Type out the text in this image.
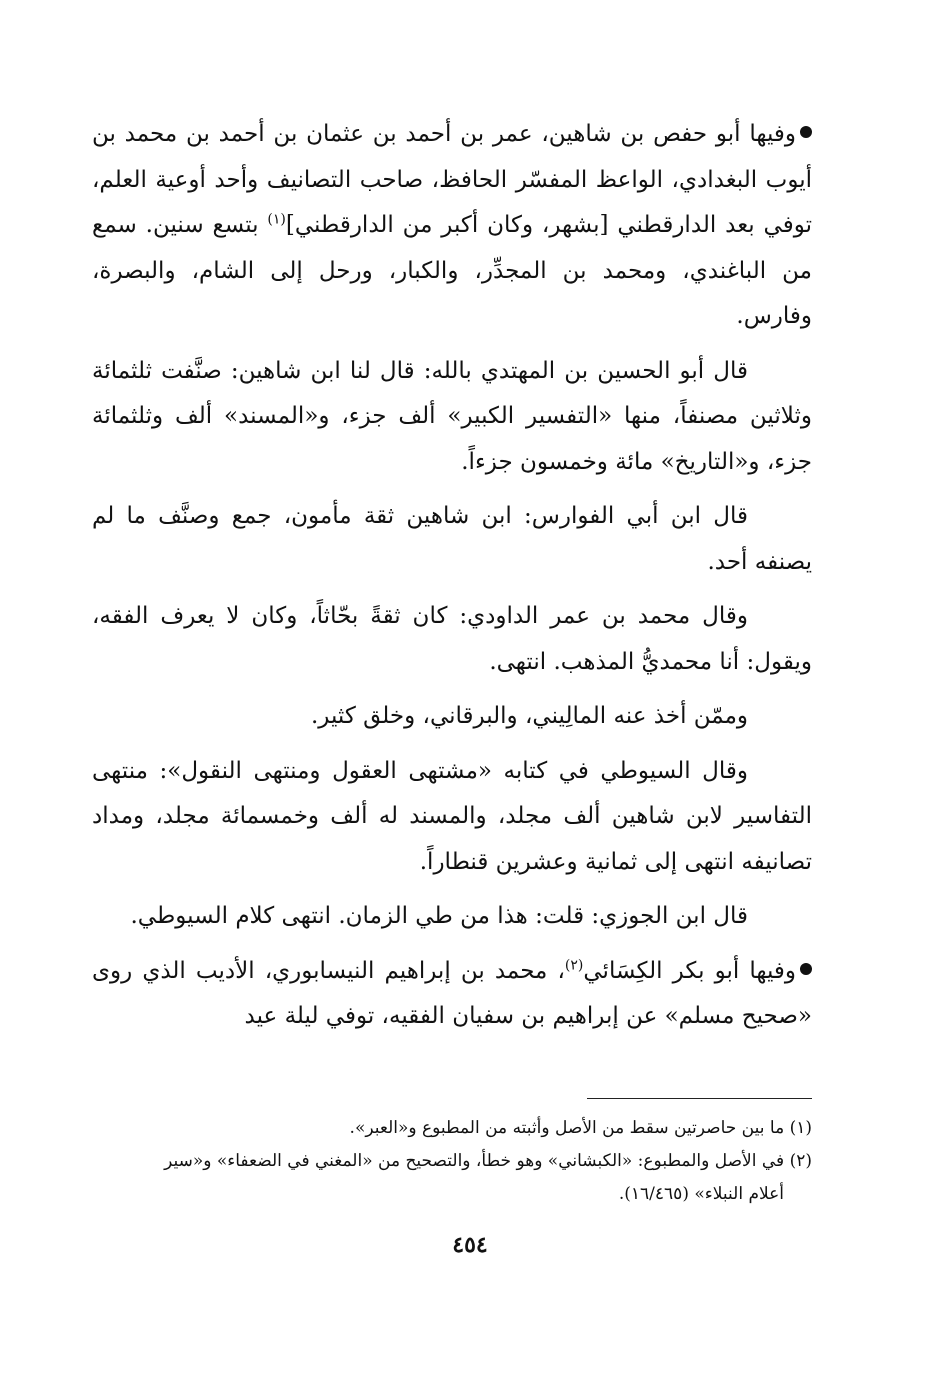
وفيها أبو حفص بن شاهين، عمر بن أحمد بن عثمان بن أحمد بن محمد بن أيوب البغدادي، الواعظ المفسّر الحافظ، صاحب التصانيف وأحد أوعية العلم، توفي بعد الدارقطني [بشهر، وكان أكبر من الدارقطني]$^{(١)}$ بتسع سنين. سمع من الباغندي، ومحمد بن المجدِّر، والكبار، ورحل إلى الشام، والبصرة، وفارس.

قال أبو الحسين بن المهتدي بالله: قال لنا ابن شاهين: صنَّفت ثلثمائة وثلاثين مصنفاً، منها «التفسير الكبير» ألف جزء، و«المسند» ألف وثلثمائة جزء، و«التاريخ» مائة وخمسون جزءاً.

قال ابن أبي الفوارس: ابن شاهين ثقة مأمون، جمع وصنَّف ما لم يصنفه أحد.

وقال محمد بن عمر الداودي: كان ثقةً بحّاثاً، وكان لا يعرف الفقه، ويقول: أنا محمديُّ المذهب. انتهى.

وممّن أخذ عنه المالِيني، والبرقاني، وخلق كثير.

وقال السيوطي في كتابه «مشتهى العقول ومنتهى النقول»: منتهى التفاسير لابن شاهين ألف مجلد، والمسند له ألف وخمسمائة مجلد، ومداد تصانيفه انتهى إلى ثمانية وعشرين قنطاراً.

قال ابن الجوزي: قلت: هذا من طي الزمان. انتهى كلام السيوطي.

وفيها أبو بكر الكِسَائي$^{(٢)}$، محمد بن إبراهيم النيسابوري، الأديب الذي روى «صحيح مسلم» عن إبراهيم بن سفيان الفقيه، توفي ليلة عيد

(١) ما بين حاصرتين سقط من الأصل وأثبته من المطبوع و«العبر».

(٢) في الأصل والمطبوع: «الكبشاني» وهو خطأ، والتصحيح من «المغني في الضعفاء» و«سير

أعلام النبلاء» (١٦/٤٦٥).

٤٥٤
